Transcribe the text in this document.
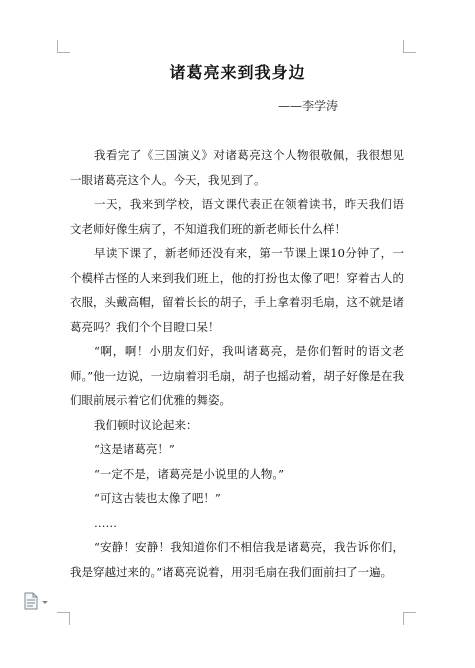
诸葛亮来到我身边
——李学涛

我看完了《三国演义》对诸葛亮这个人物很敬佩，我很想见一眼诸葛亮这个人。今天，我见到了。

一天，我来到学校，语文课代表正在领着读书，昨天我们语文老师好像生病了，不知道我们班的新老师长什么样！

早读下课了，新老师还没有来，第一节课上课10分钟了，一个模样古怪的人来到我们班上，他的打扮也太像了吧！穿着古人的衣服，头戴高帽，留着长长的胡子，手上拿着羽毛扇，这不就是诸葛亮吗？我们个个目瞪口呆！

“啊，啊！小朋友们好，我叫诸葛亮，是你们暂时的语文老师。”他一边说，一边扇着羽毛扇，胡子也摇动着，胡子好像是在我们眼前展示着它们优雅的舞姿。

我们顿时议论起来：

“这是诸葛亮！”

“一定不是，诸葛亮是小说里的人物。”

“可这古装也太像了吧！”

……

“安静！安静！我知道你们不相信我是诸葛亮，我告诉你们，我是穿越过来的。”诸葛亮说着，用羽毛扇在我们面前扫了一遍。
